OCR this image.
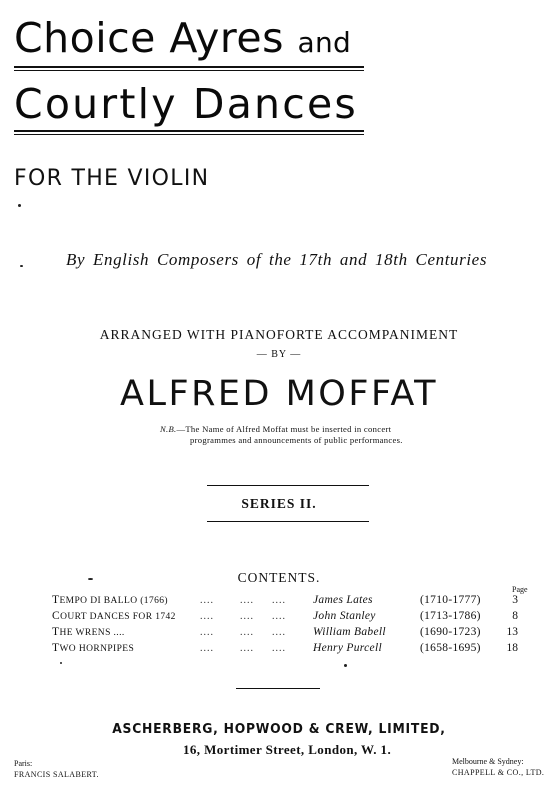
Choice Ayres and
Courtly Dances
FOR THE VIOLIN
By English Composers of the 17th and 18th Centuries
ARRANGED WITH PIANOFORTE ACCOMPANIMENT
— BY —
ALFRED MOFFAT
N.B.—The Name of Alfred Moffat must be inserted in concert
programmes and announcements of public performances.
SERIES II.
CONTENTS.
Page
TEMPO DI BALLO (1766)	....	.... .... James Lates	(1710-1777)	3
COURT DANCES FOR 1742 ....	.... .... John Stanley	(1713-1786)	8
THE WRENS ....	....	.... .... William Babell	(1690-1723)	13
TWO HORNPIPES	....	.... .... Henry Purcell	(1658-1695)	18
ASCHERBERG, HOPWOOD & CREW, LIMITED,
16, Mortimer Street, London, W. 1.
Paris:
FRANCIS SALABERT.
Melbourne & Sydney:
CHAPPELL & CO., LTD.
